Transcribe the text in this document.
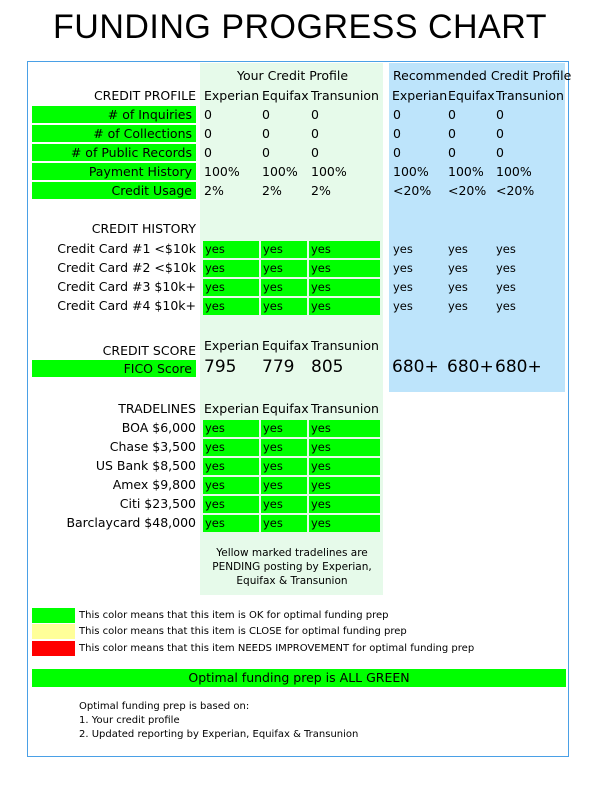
FUNDING PROGRESS CHART
Your Credit Profile	Recommended Credit Profile
Experian Equifax Transunion Experian Equifax Transunion
CREDIT PROFILE
# of Inquiries 0	0	0	0	0	0
# of Collections 0	0	0	0	0	0
# of Public Records 0	0	0	0	0	0
Payment History 100% 100% 100%	100% 100% 100%
Credit Usage 2%	2% 2%	<20% <20% <20%
CREDIT HISTORY
Credit Card #1 <$10k yes	yes	yes	yes	yes yes
Credit Card #2 <$10k yes	yes	yes	yes	yes yes
Credit Card #3 $10k+ yes	yes	yes	yes	yes yes
Credit Card #4 $10k+ yes	yes	yes	yes	yes yes
CREDIT SCORE Experian Equifax Transunion
FICO Score 795 779 805	680+ 680+ 680+
TRADELINES Experian Equifax Transunion
BOA $6,000 yes	yes	yes
Chase $3,500 yes	yes	yes
US Bank $8,500 yes	yes	yes
Amex $9,800 yes	yes	yes
Citi $23,500 yes	yes	yes
Barclaycard $48,000 yes	yes	yes
Yellow marked tradelines are PENDING posting by Experian, Equifax & Transunion
This color means that this item is OK for optimal funding prep
This color means that this item is CLOSE for optimal funding prep
This color means that this item NEEDS IMPROVEMENT for optimal funding prep
Optimal funding prep is ALL GREEN
Optimal funding prep is based on:
1. Your credit profile
2. Updated reporting by Experian, Equifax & Transunion
